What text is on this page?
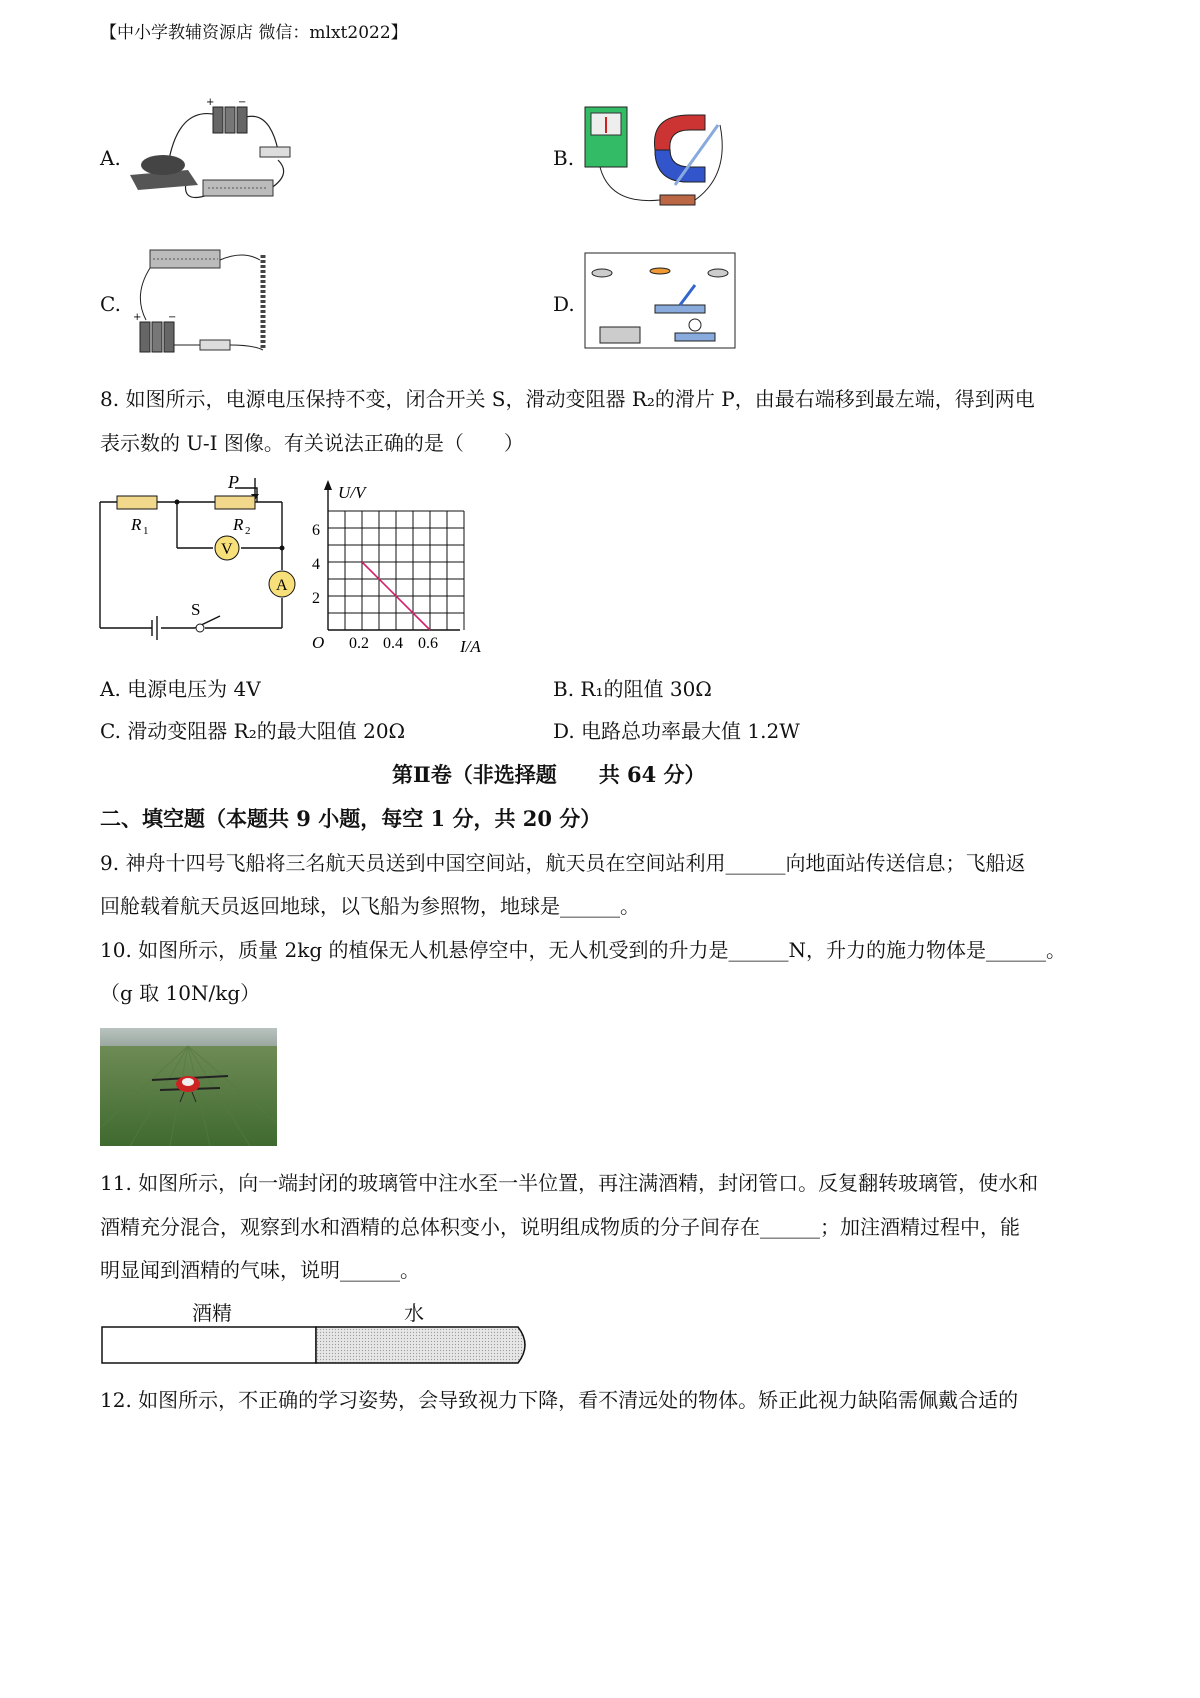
【中小学教辅资源店 微信：mlxt2022】
A.
+ −
B.
C.
+	−
D.
8. 如图所示，电源电压保持不变，闭合开关 S，滑动变阻器 R₂的滑片 P，由最右端移到最左端，得到两电
表示数的 U-I 图像。有关说法正确的是（　　）
P
R 1	R 2
V
A
S
U/V
I/A
O
6
4
2
0.2 0.4 0.6
A. 电源电压为 4V	B. R₁的阻值 30Ω
C. 滑动变阻器 R₂的最大阻值 20Ω	D. 电路总功率最大值 1.2W
第Ⅱ卷（非选择题　　共 64 分）
二、填空题（本题共 9 小题，每空 1 分，共 20 分）
9. 神舟十四号飞船将三名航天员送到中国空间站，航天员在空间站利用______向地面站传送信息；飞船返
回舱载着航天员返回地球，以飞船为参照物，地球是______。
10. 如图所示，质量 2kg 的植保无人机悬停空中，无人机受到的升力是______N，升力的施力物体是______。
（g 取 10N/kg）
11. 如图所示，向一端封闭的玻璃管中注水至一半位置，再注满酒精，封闭管口。反复翻转玻璃管，使水和
酒精充分混合，观察到水和酒精的总体积变小，说明组成物质的分子间存在______；加注酒精过程中，能
明显闻到酒精的气味，说明______。
酒精	水
12. 如图所示，不正确的学习姿势，会导致视力下降，看不清远处的物体。矫正此视力缺陷需佩戴合适的
